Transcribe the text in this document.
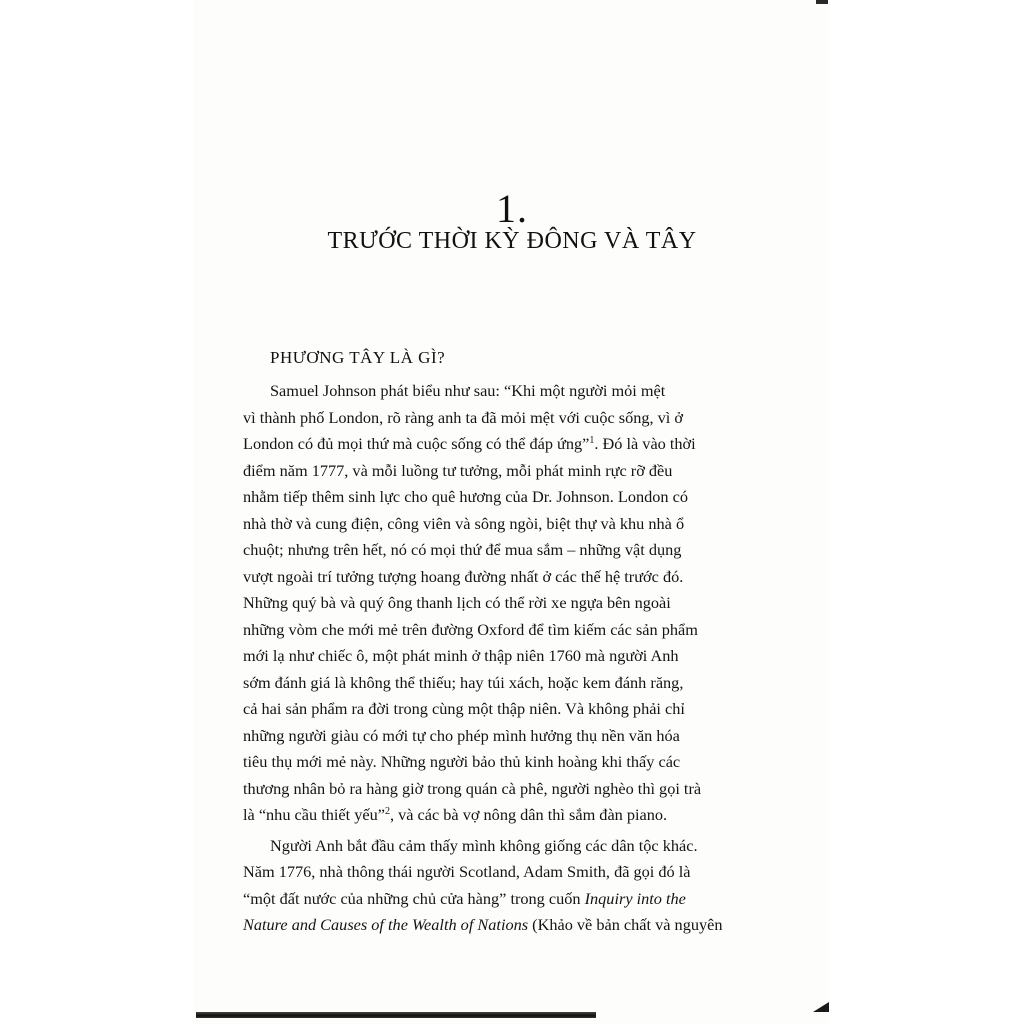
1.
TRƯỚC THỜI KỲ ĐÔNG VÀ TÂY
PHƯƠNG TÂY LÀ GÌ?
Samuel Johnson phát biểu như sau: “Khi một người mỏi mệt
vì thành phố London, rõ ràng anh ta đã mỏi mệt với cuộc sống, vì ở
London có đủ mọi thứ mà cuộc sống có thể đáp ứng”$^1$. Đó là vào thời
điểm năm 1777, và mỗi luồng tư tưởng, mỗi phát minh rực rỡ đều
nhằm tiếp thêm sinh lực cho quê hương của Dr. Johnson. London có
nhà thờ và cung điện, công viên và sông ngòi, biệt thự và khu nhà ổ
chuột; nhưng trên hết, nó có mọi thứ để mua sắm – những vật dụng
vượt ngoài trí tưởng tượng hoang đường nhất ở các thế hệ trước đó.
Những quý bà và quý ông thanh lịch có thể rời xe ngựa bên ngoài
những vòm che mới mẻ trên đường Oxford để tìm kiếm các sản phẩm
mới lạ như chiếc ô, một phát minh ở thập niên 1760 mà người Anh
sớm đánh giá là không thể thiếu; hay túi xách, hoặc kem đánh răng,
cả hai sản phẩm ra đời trong cùng một thập niên. Và không phải chỉ
những người giàu có mới tự cho phép mình hưởng thụ nền văn hóa
tiêu thụ mới mẻ này. Những người bảo thủ kinh hoàng khi thấy các
thương nhân bỏ ra hàng giờ trong quán cà phê, người nghèo thì gọi trà
là “nhu cầu thiết yếu”$^2$, và các bà vợ nông dân thì sắm đàn piano.
Người Anh bắt đầu cảm thấy mình không giống các dân tộc khác.
Năm 1776, nhà thông thái người Scotland, Adam Smith, đã gọi đó là
“một đất nước của những chủ cửa hàng” trong cuốn Inquiry into the
Nature and Causes of the Wealth of Nations (Khảo về bản chất và nguyên
